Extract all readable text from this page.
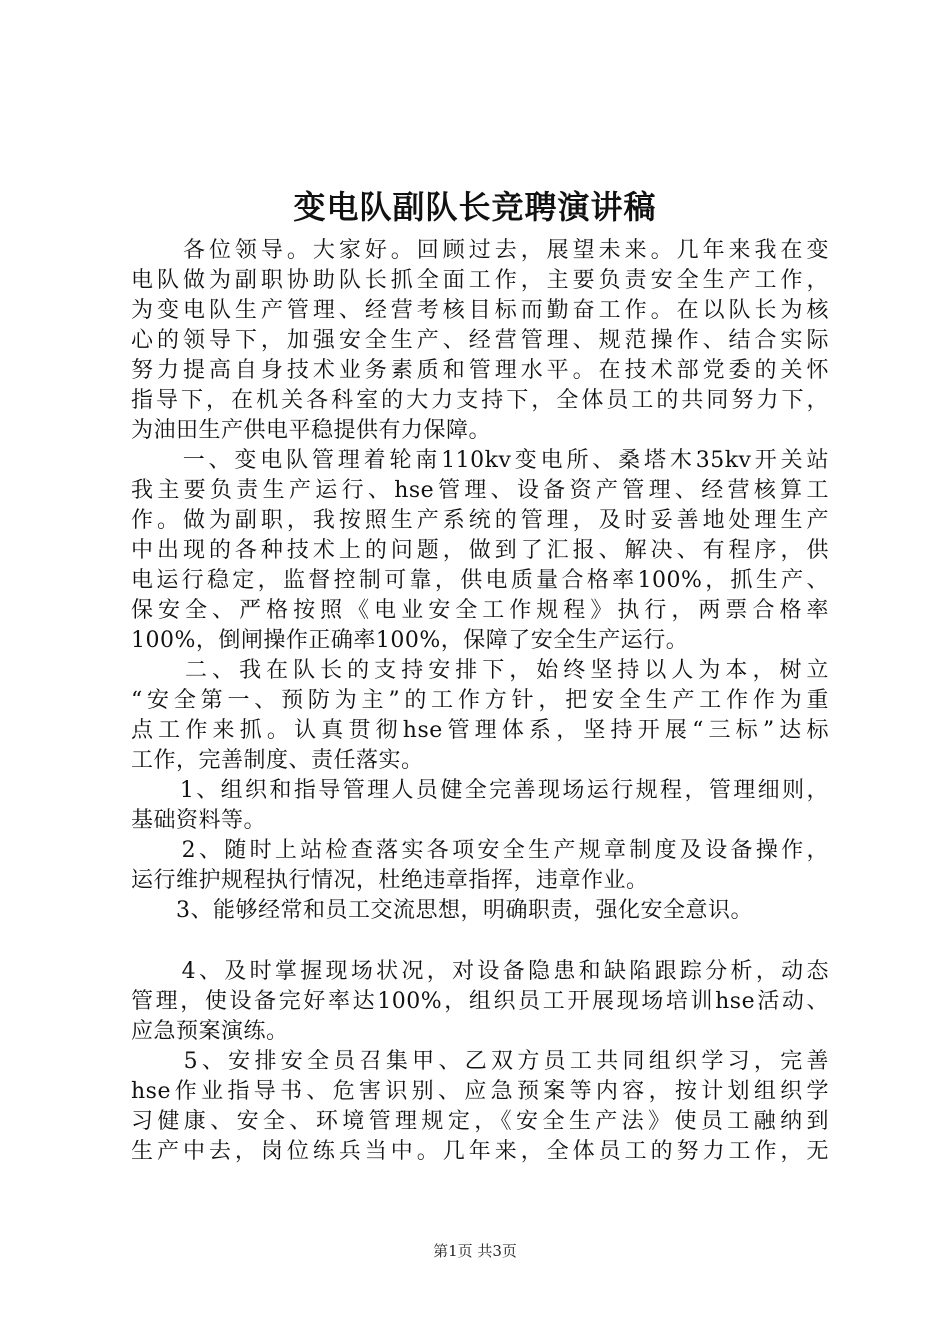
变电队副队长竞聘演讲稿
　　各位领导。大家好。回顾过去，展望未来。几年来我在变
电队做为副职协助队长抓全面工作，主要负责安全生产工作，
为变电队生产管理、经营考核目标而勤奋工作。在以队长为核
心的领导下，加强安全生产、经营管理、规范操作、结合实际
努力提高自身技术业务素质和管理水平。在技术部党委的关怀
指导下，在机关各科室的大力支持下，全体员工的共同努力下，
为油田生产供电平稳提供有力保障。
　　一、变电队管理着轮南110kv变电所、桑塔木35kv开关站
我主要负责生产运行、hse管理、设备资产管理、经营核算工
作。做为副职，我按照生产系统的管理，及时妥善地处理生产
中出现的各种技术上的问题，做到了汇报、解决、有程序，供
电运行稳定，监督控制可靠，供电质量合格率100%，抓生产、
保安全、严格按照《电业安全工作规程》执行，两票合格率
100%，倒闸操作正确率100%，保障了安全生产运行。
　　二、我在队长的支持安排下，始终坚持以人为本，树立
“安全第一、预防为主”的工作方针，把安全生产工作作为重
点工作来抓。认真贯彻hse管理体系，坚持开展“三标”达标
工作，完善制度、责任落实。
　　1、组织和指导管理人员健全完善现场运行规程，管理细则，
基础资料等。
　　2、随时上站检查落实各项安全生产规章制度及设备操作，
运行维护规程执行情况，杜绝违章指挥，违章作业。
　　3、能够经常和员工交流思想，明确职责，强化安全意识。
　　4、及时掌握现场状况，对设备隐患和缺陷跟踪分析，动态
管理，使设备完好率达100%，组织员工开展现场培训hse活动、
应急预案演练。
　　5、安排安全员召集甲、乙双方员工共同组织学习，完善
hse作业指导书、危害识别、应急预案等内容，按计划组织学
习健康、安全、环境管理规定，《安全生产法》使员工融纳到
生产中去，岗位练兵当中。几年来，全体员工的努力工作，无
第1页 共3页
